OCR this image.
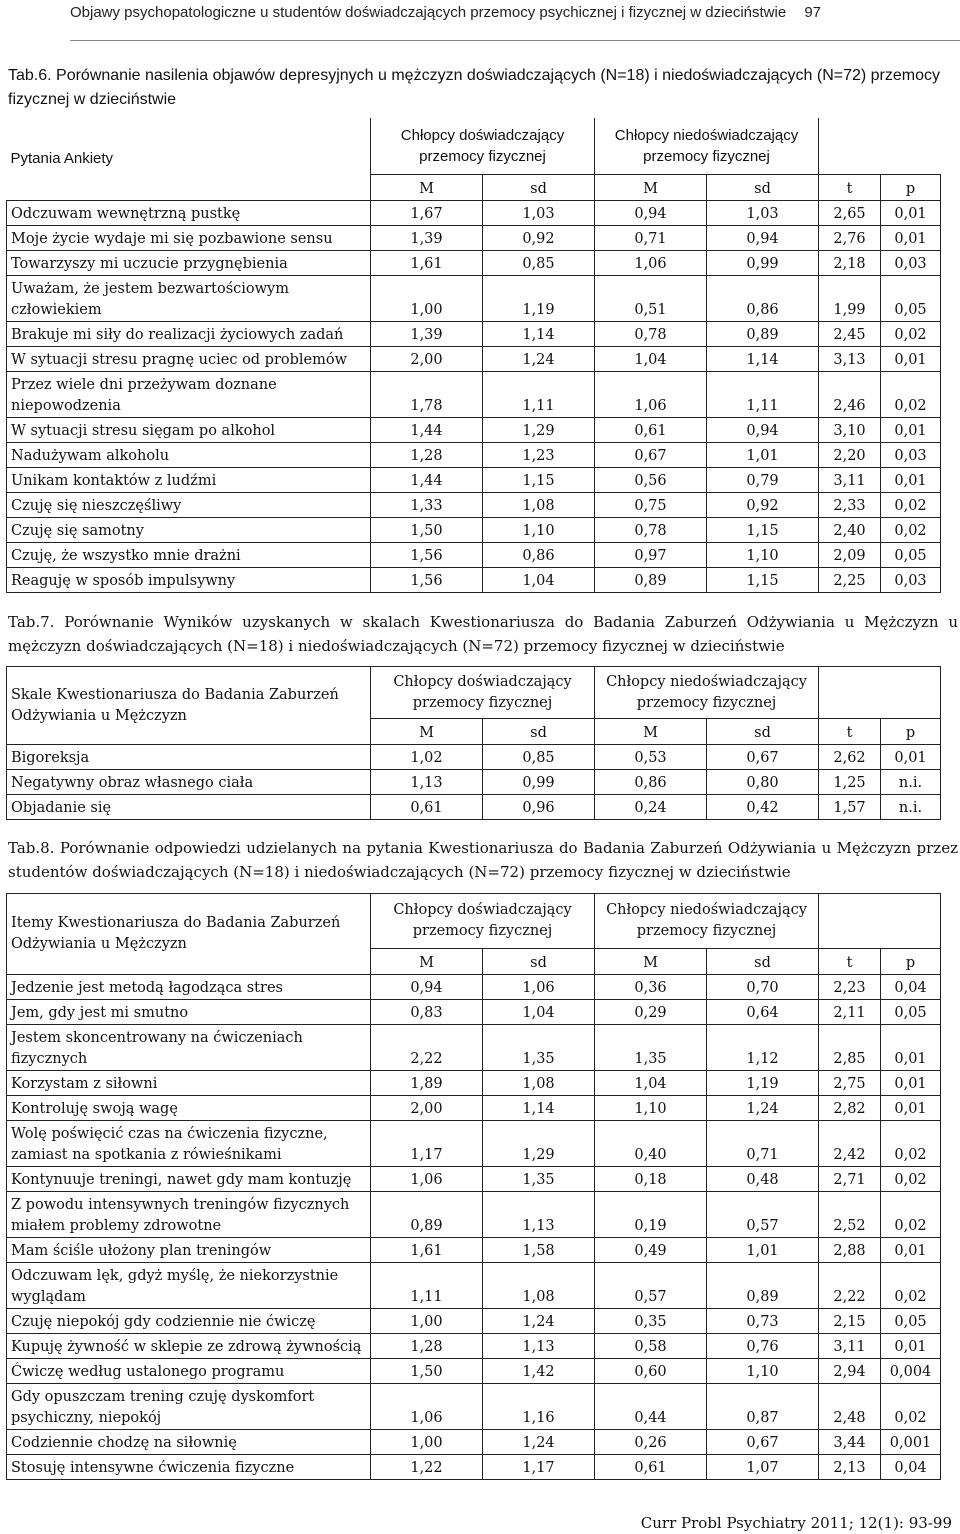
Objawy psychopatologiczne u studentów doświadczających przemocy psychicznej i fizycznej w dzieciństwie 97
Tab.6. Porównanie nasilenia objawów depresyjnych u mężczyzn doświadczających (N=18) i niedoświadczających (N=72) przemocy fizycznej w dzieciństwie
Pytania Ankiety	Chłopcy doświadczający przemocy fizycznej		Chłopcy niedoświadczający przemocy fizycznej			
	M	sd	M	sd	t	p
Odczuwam wewnętrzną pustkę	1,67	1,03	0,94	1,03	2,65	0,01
Moje życie wydaje mi się pozbawione sensu	1,39	0,92	0,71	0,94	2,76	0,01
Towarzyszy mi uczucie przygnębienia	1,61	0,85	1,06	0,99	2,18	0,03
Uważam, że jestem bezwartościowym człowiekiem	1,00	1,19	0,51	0,86	1,99	0,05
Brakuje mi siły do realizacji życiowych zadań	1,39	1,14	0,78	0,89	2,45	0,02
W sytuacji stresu pragnę uciec od problemów	2,00	1,24	1,04	1,14	3,13	0,01
Przez wiele dni przeżywam doznane niepowodzenia	1,78	1,11	1,06	1,11	2,46	0,02
W sytuacji stresu sięgam po alkohol	1,44	1,29	0,61	0,94	3,10	0,01
Nadużywam alkoholu	1,28	1,23	0,67	1,01	2,20	0,03
Unikam kontaktów z ludźmi	1,44	1,15	0,56	0,79	3,11	0,01
Czuję się nieszczęśliwy	1,33	1,08	0,75	0,92	2,33	0,02
Czuję się samotny	1,50	1,10	0,78	1,15	2,40	0,02
Czuję, że wszystko mnie drażni	1,56	0,86	0,97	1,10	2,09	0,05
Reaguję w sposób impulsywny	1,56	1,04	0,89	1,15	2,25	0,03
Tab.7. Porównanie Wyników uzyskanych w skalach Kwestionariusza do Badania Zaburzeń Odżywiania u Mężczyzn u mężczyzn doświadczających (N=18) i niedoświadczających (N=72) przemocy fizycznej w dzieciństwie
Skale Kwestionariusza do Badania Zaburzeń Odżywiania u Mężczyzn	Chłopcy doświadczający przemocy fizycznej		Chłopcy niedoświadczający przemocy fizycznej			
	M	sd	M	sd	t	p
Bigoreksja	1,02	0,85	0,53	0,67	2,62	0,01
Negatywny obraz własnego ciała	1,13	0,99	0,86	0,80	1,25	n.i.
Objadanie się	0,61	0,96	0,24	0,42	1,57	n.i.
Tab.8. Porównanie odpowiedzi udzielanych na pytania Kwestionariusza do Badania Zaburzeń Odżywiania u Mężczyzn przez studentów doświadczających (N=18) i niedoświadczających (N=72) przemocy fizycznej w dzieciństwie
Itemy Kwestionariusza do Badania Zaburzeń Odżywiania u Mężczyzn	Chłopcy doświadczający przemocy fizycznej		Chłopcy niedoświadczający przemocy fizycznej			
	M	sd	M	sd	t	p
Jedzenie jest metodą łagodząca stres	0,94	1,06	0,36	0,70	2,23	0,04
Jem, gdy jest mi smutno	0,83	1,04	0,29	0,64	2,11	0,05
Jestem skoncentrowany na ćwiczeniach fizycznych	2,22	1,35	1,35	1,12	2,85	0,01
Korzystam z siłowni	1,89	1,08	1,04	1,19	2,75	0,01
Kontroluję swoją wagę	2,00	1,14	1,10	1,24	2,82	0,01
Wolę poświęcić czas na ćwiczenia fizyczne, zamiast na spotkania z rówieśnikami	1,17	1,29	0,40	0,71	2,42	0,02
Kontynuuje treningi, nawet gdy mam kontuzję	1,06	1,35	0,18	0,48	2,71	0,02
Z powodu intensywnych treningów fizycznych miałem problemy zdrowotne	0,89	1,13	0,19	0,57	2,52	0,02
Mam ściśle ułożony plan treningów	1,61	1,58	0,49	1,01	2,88	0,01
Odczuwam lęk, gdyż myślę, że niekorzystnie wyglądam	1,11	1,08	0,57	0,89	2,22	0,02
Czuję niepokój gdy codziennie nie ćwiczę	1,00	1,24	0,35	0,73	2,15	0,05
Kupuję żywność w sklepie ze zdrową żywnością	1,28	1,13	0,58	0,76	3,11	0,01
Ćwiczę według ustalonego programu	1,50	1,42	0,60	1,10	2,94	0,004
Gdy opuszczam trening czuję dyskomfort psychiczny, niepokój	1,06	1,16	0,44	0,87	2,48	0,02
Codziennie chodzę na siłownię	1,00	1,24	0,26	0,67	3,44	0,001
Stosuję intensywne ćwiczenia fizyczne	1,22	1,17	0,61	1,07	2,13	0,04
Curr Probl Psychiatry 2011; 12(1): 93-99
